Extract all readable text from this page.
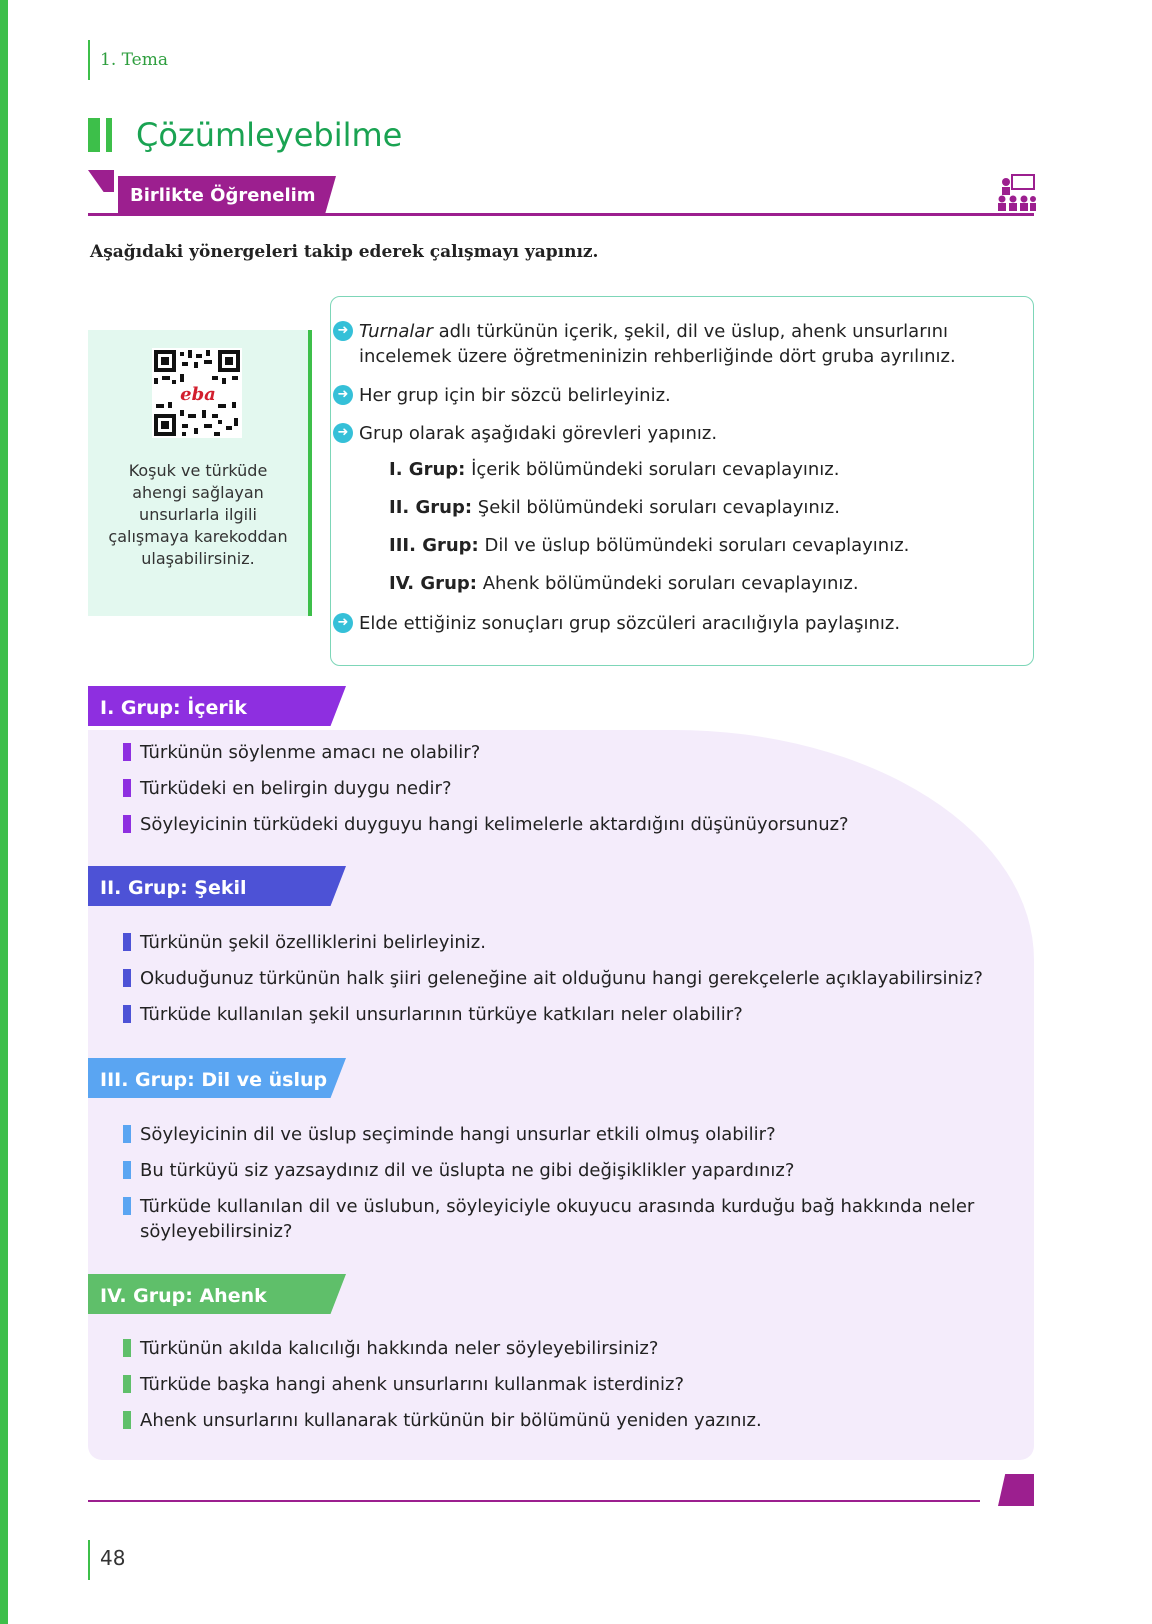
1. Tema
Çözümleyebilme
Birlikte Öğrenelim
Aşağıdaki yönergeleri takip ederek çalışmayı yapınız.
eba
Koşuk ve türküde ahengi sağlayan unsurlarla ilgili çalışmaya karekoddan ulaşabilirsiniz.
➜ Turnalar adlı türkünün içerik, şekil, dil ve üslup, ahenk unsurlarını incelemek üzere öğretmeninizin rehberliğinde dört gruba ayrılınız.
➜ Her grup için bir sözcü belirleyiniz.
➜ Grup olarak aşağıdaki görevleri yapınız.
I. Grup: İçerik bölümündeki soruları cevaplayınız.
II. Grup: Şekil bölümündeki soruları cevaplayınız.
III. Grup: Dil ve üslup bölümündeki soruları cevaplayınız.
IV. Grup: Ahenk bölümündeki soruları cevaplayınız.
➜ Elde ettiğiniz sonuçları grup sözcüleri aracılığıyla paylaşınız.
I. Grup: İçerik
Türkünün söylenme amacı ne olabilir?
Türküdeki en belirgin duygu nedir?
Söyleyicinin türküdeki duyguyu hangi kelimelerle aktardığını düşünüyorsunuz?
II. Grup: Şekil
Türkünün şekil özelliklerini belirleyiniz.
Okuduğunuz türkünün halk şiiri geleneğine ait olduğunu hangi gerekçelerle açıklayabilirsiniz?
Türküde kullanılan şekil unsurlarının türküye katkıları neler olabilir?
III. Grup: Dil ve üslup
Söyleyicinin dil ve üslup seçiminde hangi unsurlar etkili olmuş olabilir?
Bu türküyü siz yazsaydınız dil ve üslupta ne gibi değişiklikler yapardınız?
Türküde kullanılan dil ve üslubun, söyleyiciyle okuyucu arasında kurduğu bağ hakkında neler söyleyebilirsiniz?
IV. Grup: Ahenk
Türkünün akılda kalıcılığı hakkında neler söyleyebilirsiniz?
Türküde başka hangi ahenk unsurlarını kullanmak isterdiniz?
Ahenk unsurlarını kullanarak türkünün bir bölümünü yeniden yazınız.
48
